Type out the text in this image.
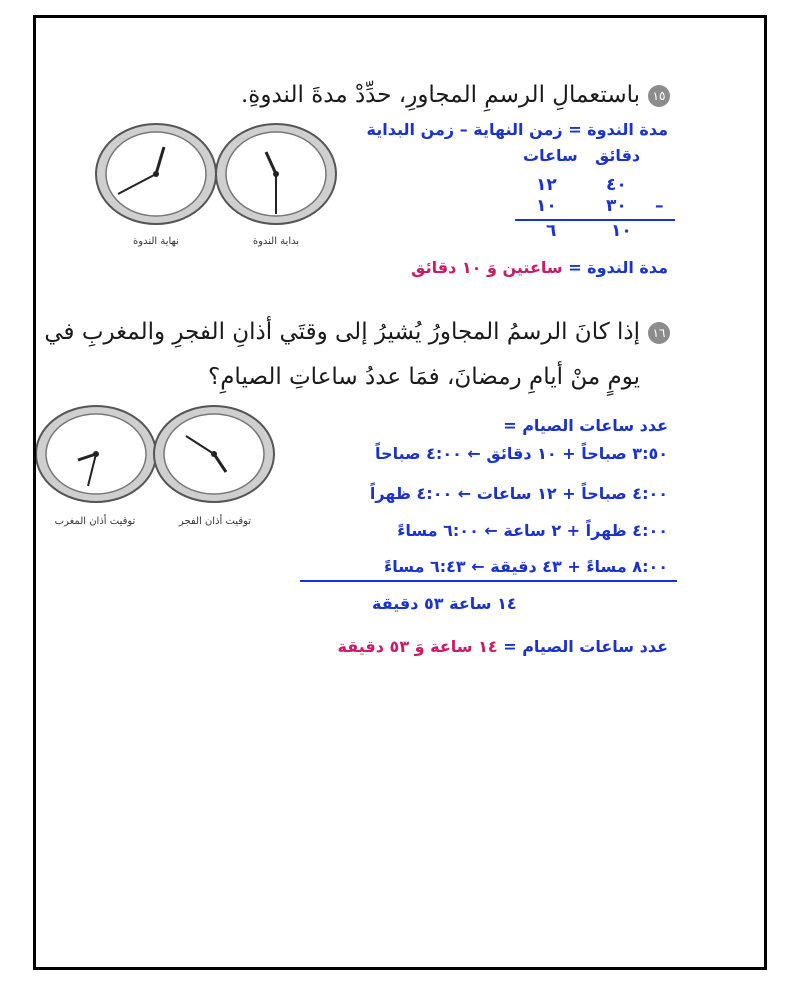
١٥باستعمالِ الرسمِ المجاورِ، حدِّدْ مدةَ الندوةِ.
مدة الندوة = زمن النهاية – زمن البداية
دقائق
ساعات
١٢	٤٠
١٠	٣٠ –
٦	١٠
مدة الندوة = ساعتين وَ ١٠ دقائق
نهاية الندوة	بداية الندوة
١٦إذا كانَ الرسمُ المجاورُ يُشيرُ إلى وقتَي أذانِ الفجرِ والمغربِ في
يومٍ منْ أيامِ رمضانَ، فمَا عددُ ساعاتِ الصيامِ؟
عدد ساعات الصيام =
٣:٥٠ صباحاً + ١٠ دقائق ← ٤:٠٠ صباحاً
٤:٠٠ صباحاً + ١٢ ساعات ← ٤:٠٠ ظهراً
٤:٠٠ ظهراً + ٢ ساعة ← ٦:٠٠ مساءً
٨:٠٠ مساءً + ٤٣ دقيقة ← ٦:٤٣ مساءً
١٤ ساعة ٥٣ دقيقة
عدد ساعات الصيام = ١٤ ساعة وَ ٥٣ دقيقة
توقيت أذان المغرب	توقيت أذان الفجر
